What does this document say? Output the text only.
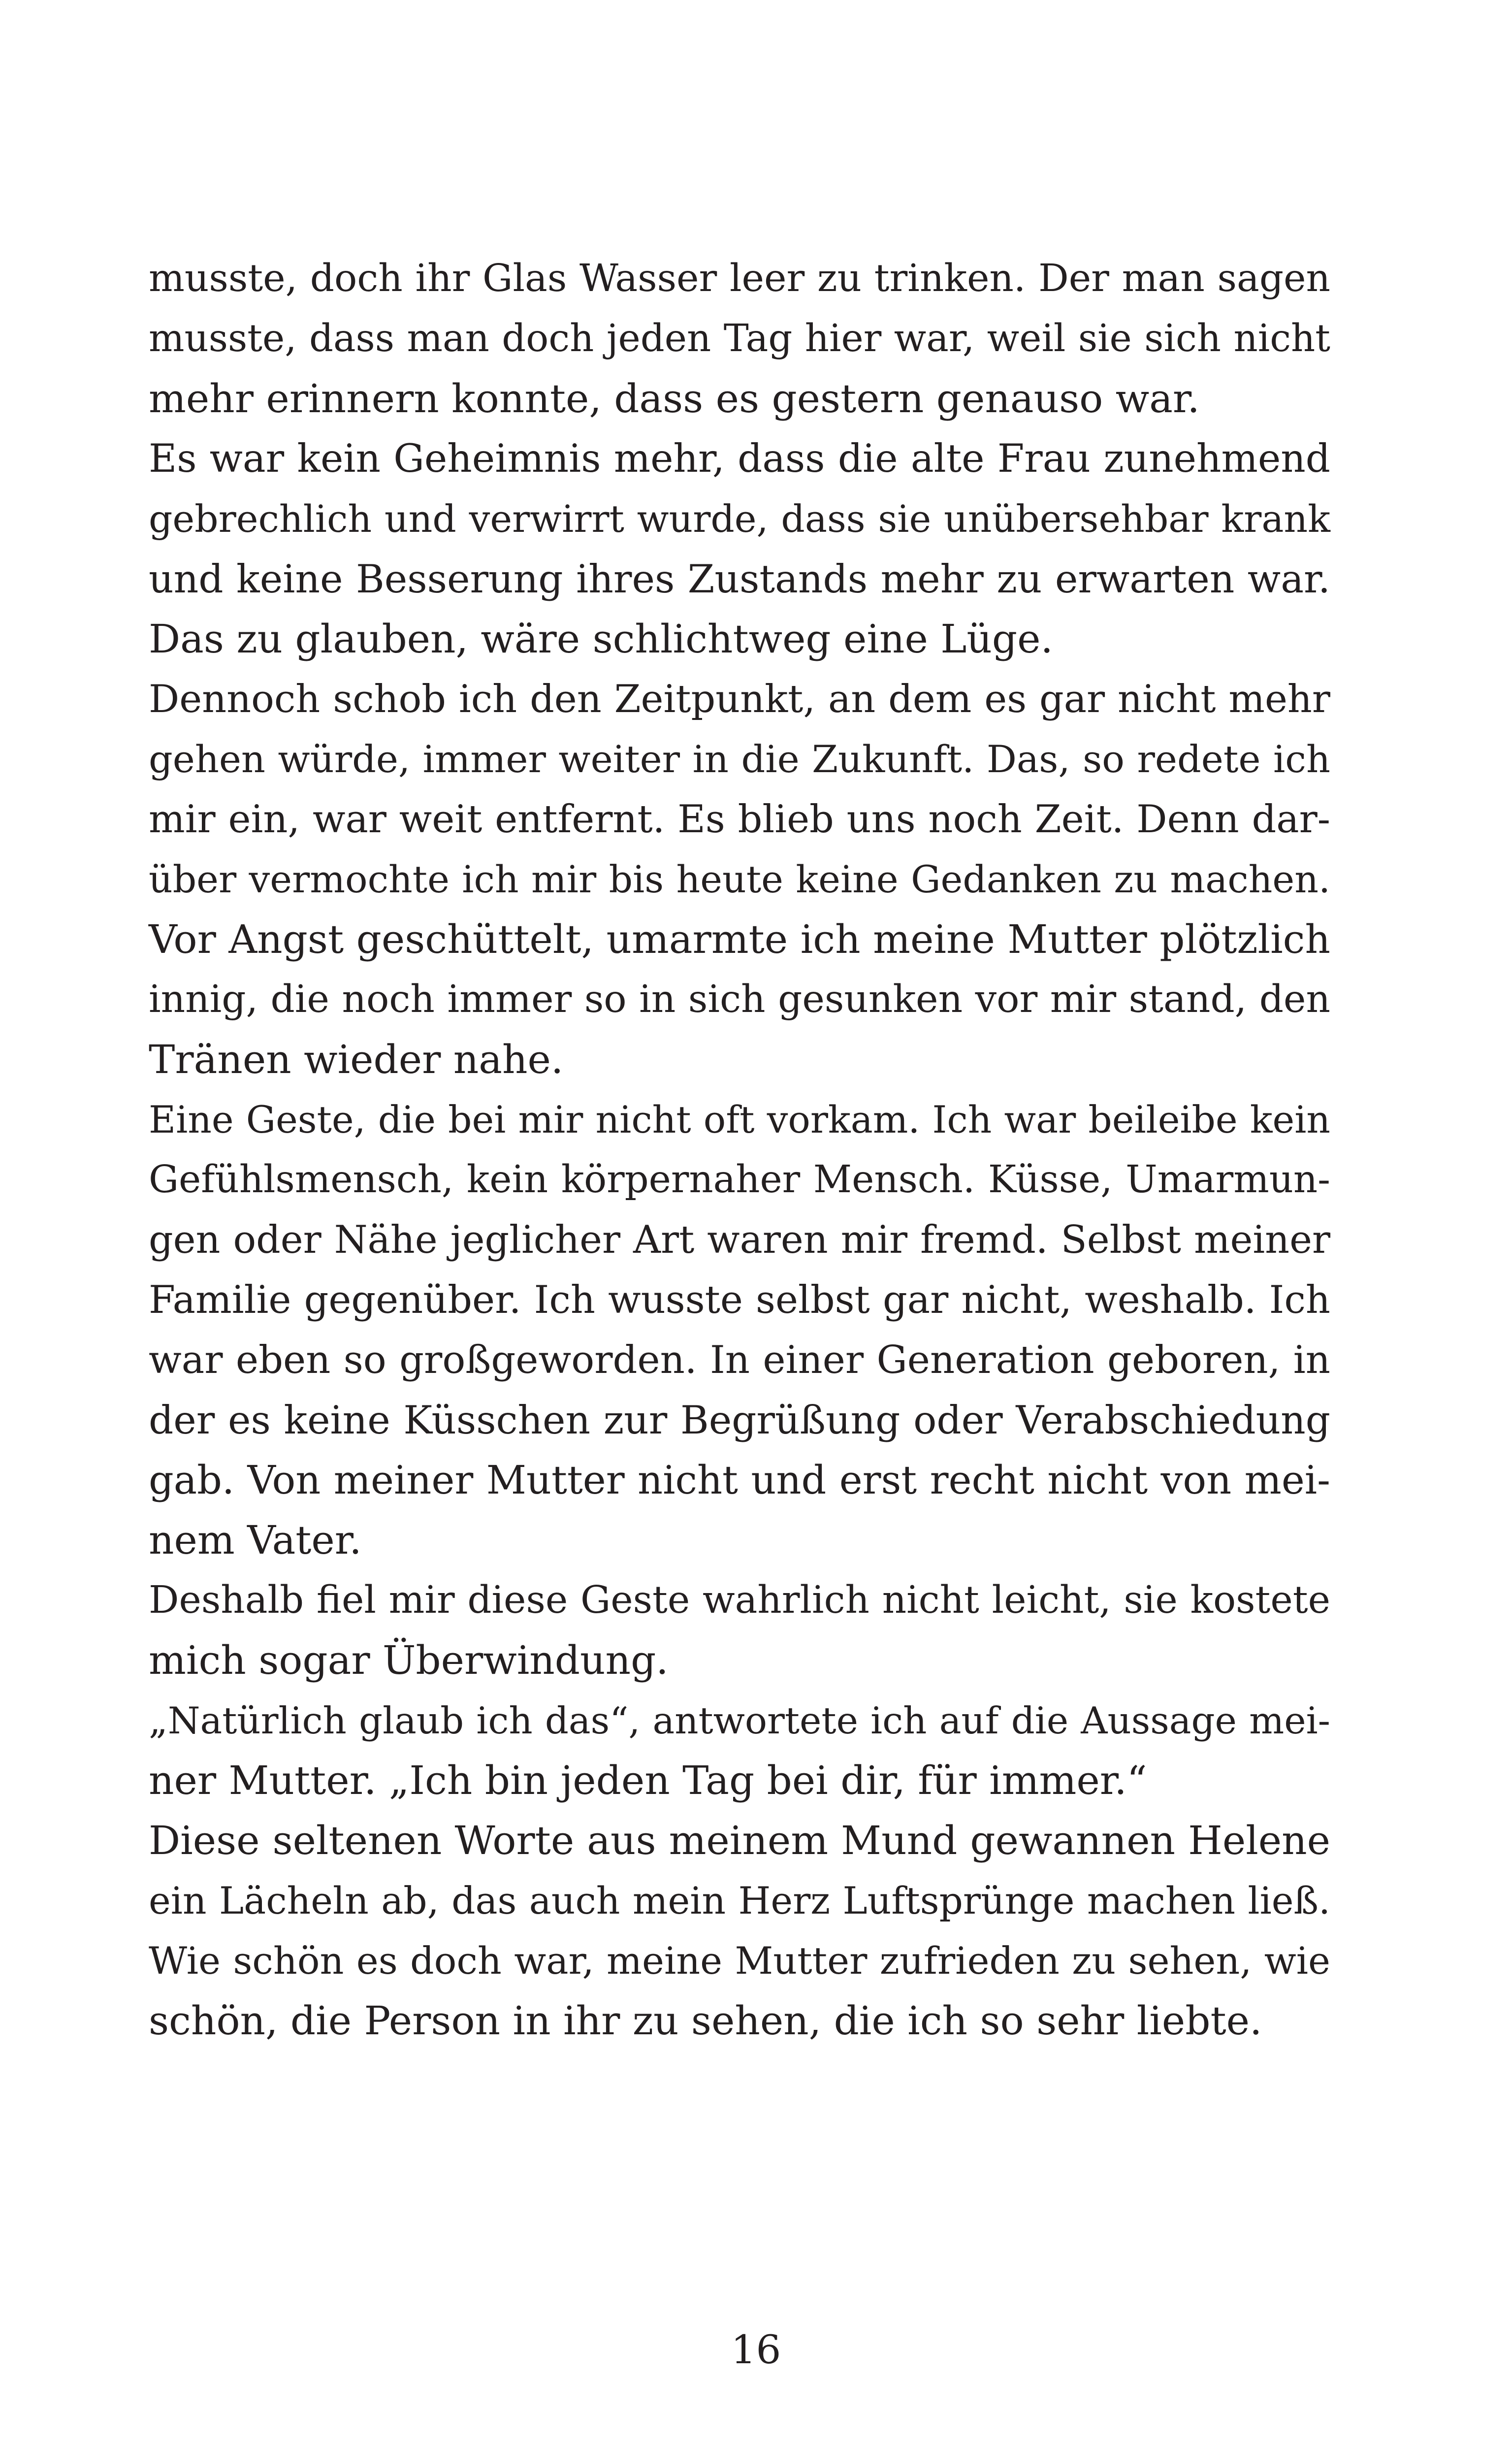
musste, doch ihr Glas Wasser leer zu trinken. Der man sagen
musste, dass man doch jeden Tag hier war, weil sie sich nicht
mehr erinnern konnte, dass es gestern genauso war.
Es war kein Geheimnis mehr, dass die alte Frau zunehmend
gebrechlich und verwirrt wurde, dass sie unübersehbar krank
und keine Besserung ihres Zustands mehr zu erwarten war.
Das zu glauben, wäre schlichtweg eine Lüge.
Dennoch schob ich den Zeitpunkt, an dem es gar nicht mehr
gehen würde, immer weiter in die Zukunft. Das, so redete ich
mir ein, war weit entfernt. Es blieb uns noch Zeit. Denn dar-
über vermochte ich mir bis heute keine Gedanken zu machen.
Vor Angst geschüttelt, umarmte ich meine Mutter plötzlich
innig, die noch immer so in sich gesunken vor mir stand, den
Tränen wieder nahe.
Eine Geste, die bei mir nicht oft vorkam. Ich war beileibe kein
Gefühlsmensch, kein körpernaher Mensch. Küsse, Umarmun-
gen oder Nähe jeglicher Art waren mir fremd. Selbst meiner
Familie gegenüber. Ich wusste selbst gar nicht, weshalb. Ich
war eben so großgeworden. In einer Generation geboren, in
der es keine Küsschen zur Begrüßung oder Verabschiedung
gab. Von meiner Mutter nicht und erst recht nicht von mei-
nem Vater.
Deshalb fiel mir diese Geste wahrlich nicht leicht, sie kostete
mich sogar Überwindung.
„Natürlich glaub ich das“, antwortete ich auf die Aussage mei-
ner Mutter. „Ich bin jeden Tag bei dir, für immer.“
Diese seltenen Worte aus meinem Mund gewannen Helene
ein Lächeln ab, das auch mein Herz Luftsprünge machen ließ.
Wie schön es doch war, meine Mutter zufrieden zu sehen, wie
schön, die Person in ihr zu sehen, die ich so sehr liebte.
16
